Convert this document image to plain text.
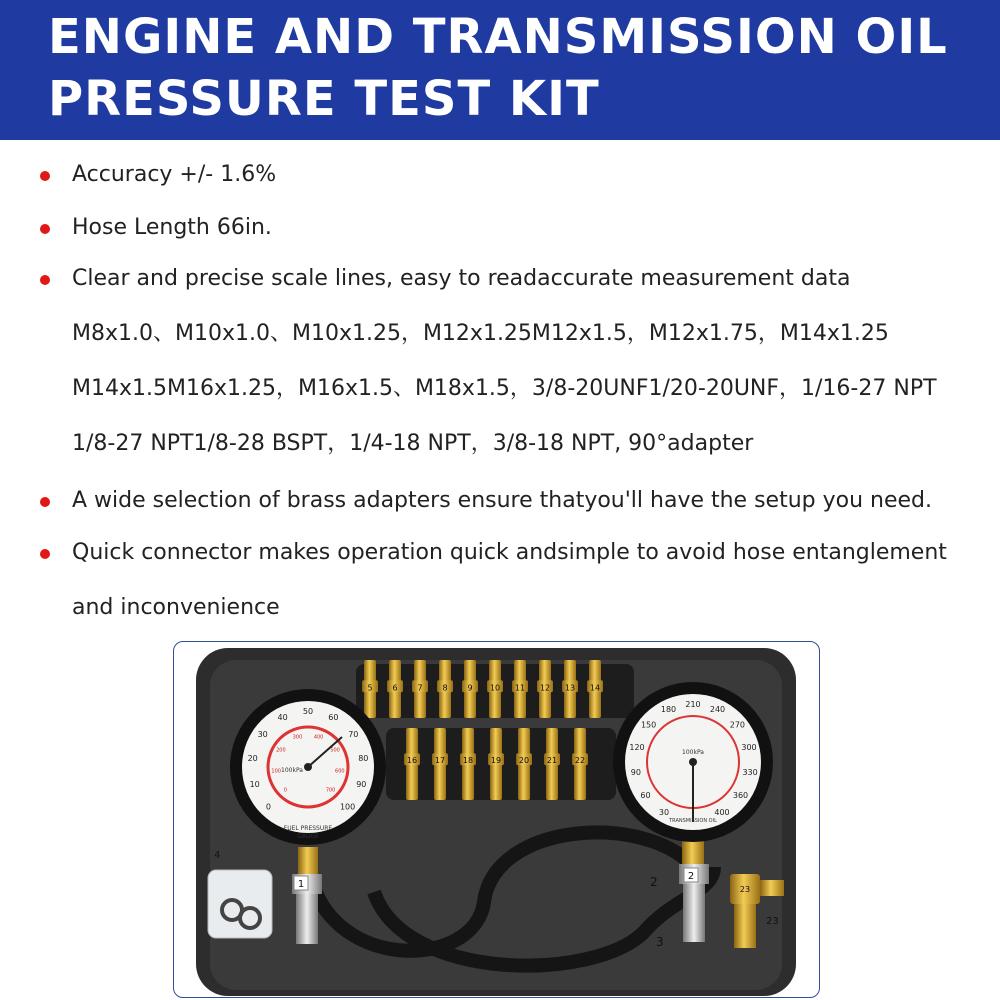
ENGINE AND TRANSMISSION OIL
PRESSURE TEST KIT
Accuracy +/- 1.6%
Hose Length 66in.
Clear and precise scale lines, easy to readaccurate measurement data
M8x1.0、M10x1.0、M10x1.25，M12x1.25M12x1.5，M12x1.75，M14x1.25
M14x1.5M16x1.25，M16x1.5、M18x1.5，3/8-20UNF1/20-20UNF，1/16-27 NPT
1/8-27 NPT1/8-28 BSPT，1/4-18 NPT，3/8-18 NPT, 90°adapter
A wide selection of brass adapters ensure thatyou'll have the setup you need.
Quick connector makes operation quick andsimple to avoid hose entanglement
and inconvenience
5 6 7 8 9 10 11 12 13 14
16 17 18 19 20 21 22
0
10
20
30
40
50
60
70
80
90
100
0
100
200
300 400
500
600
700
FUEL PRESSURE
GAUGE
100kPa
30
60
90
120
150
180
210
240
270
300
330
360
400
100kPa
TRANSMISSION OIL
1
2
23
2
3
4
23
